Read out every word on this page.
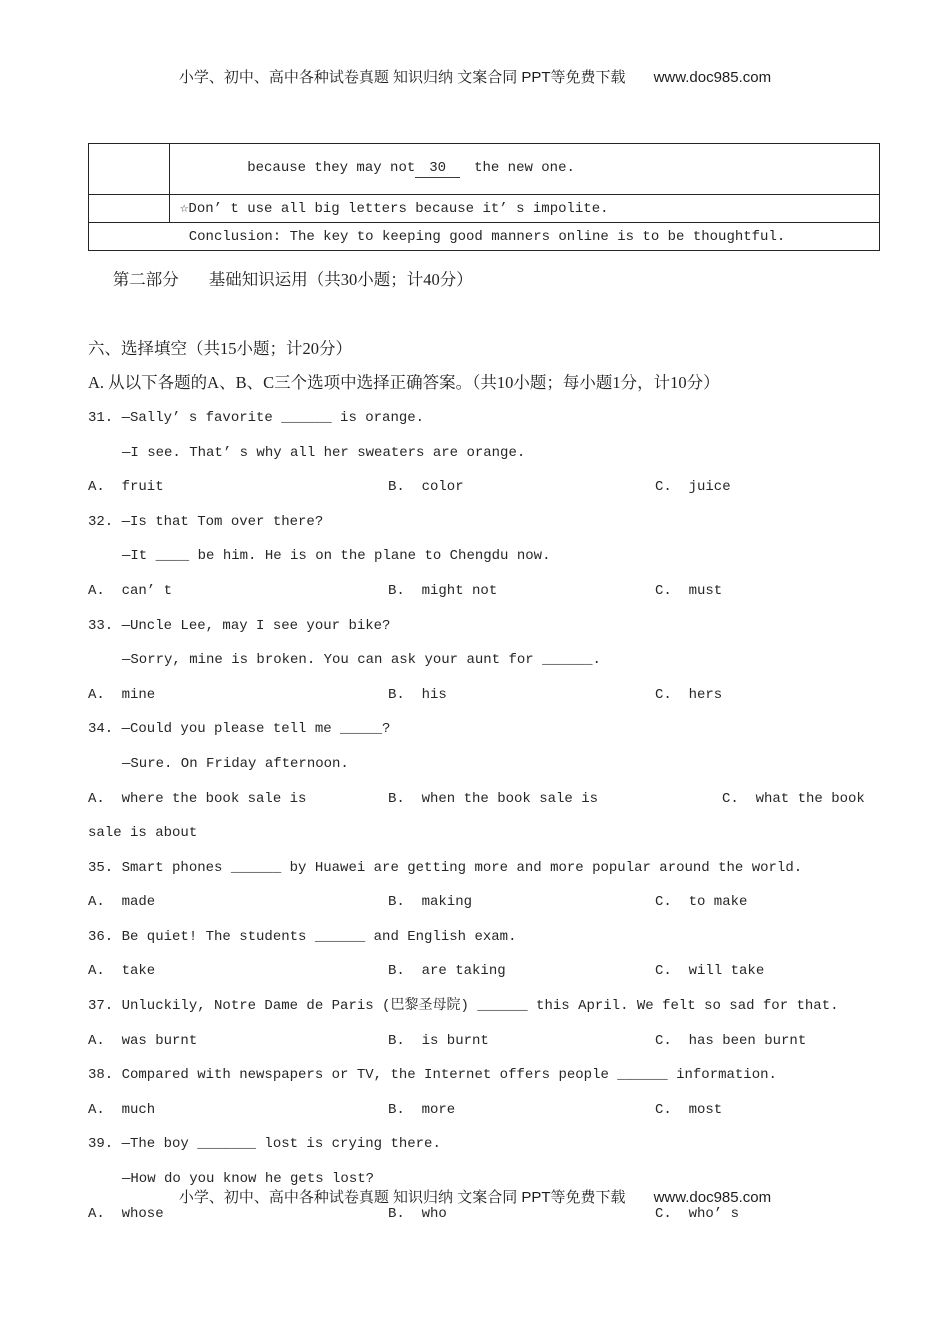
小学、初中、高中各种试卷真题 知识归纳 文案合同 PPT等免费下载 www.doc985.com

because they may not 30 the new one.

	☆Don’ t use all big letters because it’ s impolite.
Conclusion: The key to keeping good manners online is to be thoughtful.	

第二部分 基础知识运用（共30小题；计40分）

六、选择填空（共15小题；计20分）
A. 从以下各题的A、B、C三个选项中选择正确答案。（共10小题；每小题1分，计10分）
31. —Sally’ s favorite ______ is orange.
—I see. That’ s why all her sweaters are orange.
A.  fruit	B.  color	C.  juice
32. —Is that Tom over there?
—It ____ be him. He is on the plane to Chengdu now.
A.  can’ t	B.  might not	C.  must
33. —Uncle Lee, may I see your bike?
—Sorry, mine is broken. You can ask your aunt for ______.
A.  mine	B.  his	C.  hers
34. —Could you please tell me _____?
—Sure. On Friday afternoon.
A.  where the book sale is	B.  when the book sale is	C.  what the book
sale is about
35. Smart phones ______ by Huawei are getting more and more popular around the world.
A.  made	B.  making	C.  to make
36. Be quiet! The students ______ and English exam.
A.  take	B.  are taking	C.  will take
37. Unluckily, Notre Dame de Paris (巴黎圣母院) ______ this April. We felt so sad for that.
A.  was burnt	B.  is burnt	C.  has been burnt
38. Compared with newspapers or TV, the Internet offers people ______ information.
A.  much	B.  more	C.  most
39. —The boy _______ lost is crying there.
—How do you know he gets lost?
A.  whose	B.  who	C.  who’ s
小学、初中、高中各种试卷真题 知识归纳 文案合同 PPT等免费下载 www.doc985.com
